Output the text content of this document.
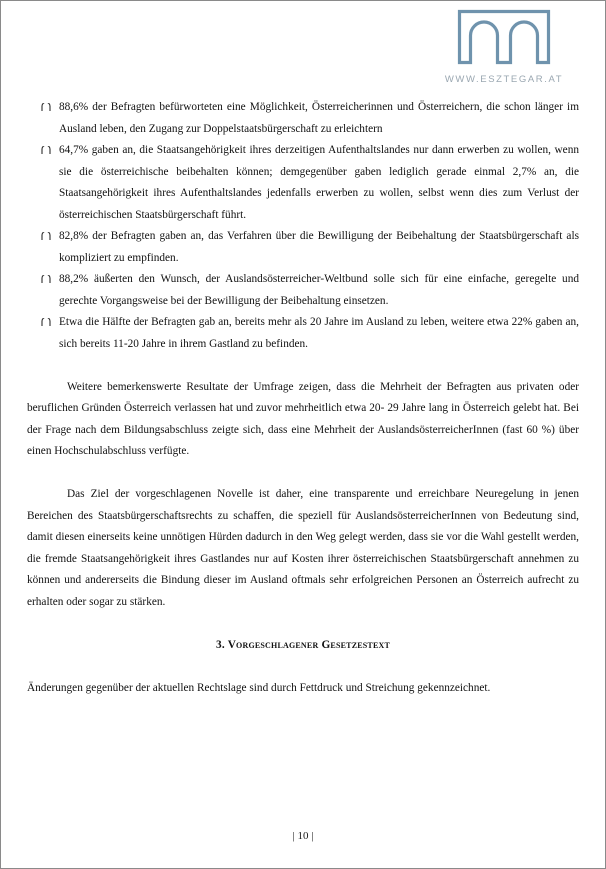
WWW.ESZTEGAR.AT
88,6% der Befragten befürworteten eine Möglichkeit, Österreicherinnen und Österreichern, die schon länger im Ausland leben, den Zugang zur Doppelstaatsbürgerschaft zu erleichtern
64,7% gaben an, die Staatsangehörigkeit ihres derzeitigen Aufenthaltslandes nur dann erwerben zu wollen, wenn sie die österreichische beibehalten können; demgegenüber gaben lediglich gerade einmal 2,7% an, die Staatsangehörigkeit ihres Aufenthaltslandes jedenfalls erwerben zu wollen, selbst wenn dies zum Verlust der österreichischen Staatsbürgerschaft führt.
82,8% der Befragten gaben an, das Verfahren über die Bewilligung der Beibehaltung der Staatsbürgerschaft als kompliziert zu empfinden.
88,2% äußerten den Wunsch, der Auslandsösterreicher-Weltbund solle sich für eine einfache, geregelte und gerechte Vorgangsweise bei der Bewilligung der Beibehaltung einsetzen.
Etwa die Hälfte der Befragten gab an, bereits mehr als 20 Jahre im Ausland zu leben, weitere etwa 22% gaben an, sich bereits 11-20 Jahre in ihrem Gastland zu befinden.

Weitere bemerkenswerte Resultate der Umfrage zeigen, dass die Mehrheit der Befragten aus privaten oder beruflichen Gründen Österreich verlassen hat und zuvor mehrheitlich etwa 20- 29 Jahre lang in Österreich gelebt hat. Bei der Frage nach dem Bildungsabschluss zeigte sich, dass eine Mehrheit der AuslandsösterreicherInnen (fast 60 %) über einen Hochschulabschluss verfügte.

Das Ziel der vorgeschlagenen Novelle ist daher, eine transparente und erreichbare Neuregelung in jenen Bereichen des Staatsbürgerschaftsrechts zu schaffen, die speziell für AuslandsösterreicherInnen von Bedeutung sind, damit diesen einerseits keine unnötigen Hürden dadurch in den Weg gelegt werden, dass sie vor die Wahl gestellt werden, die fremde Staatsangehörigkeit ihres Gastlandes nur auf Kosten ihrer österreichischen Staatsbürgerschaft annehmen zu können und andererseits die Bindung dieser im Ausland oftmals sehr erfolgreichen Personen an Österreich aufrecht zu erhalten oder sogar zu stärken.

3. Vorgeschlagener Gesetzestext

Änderungen gegenüber der aktuellen Rechtslage sind durch Fettdruck und Streichung gekennzeichnet.

| 10 |
